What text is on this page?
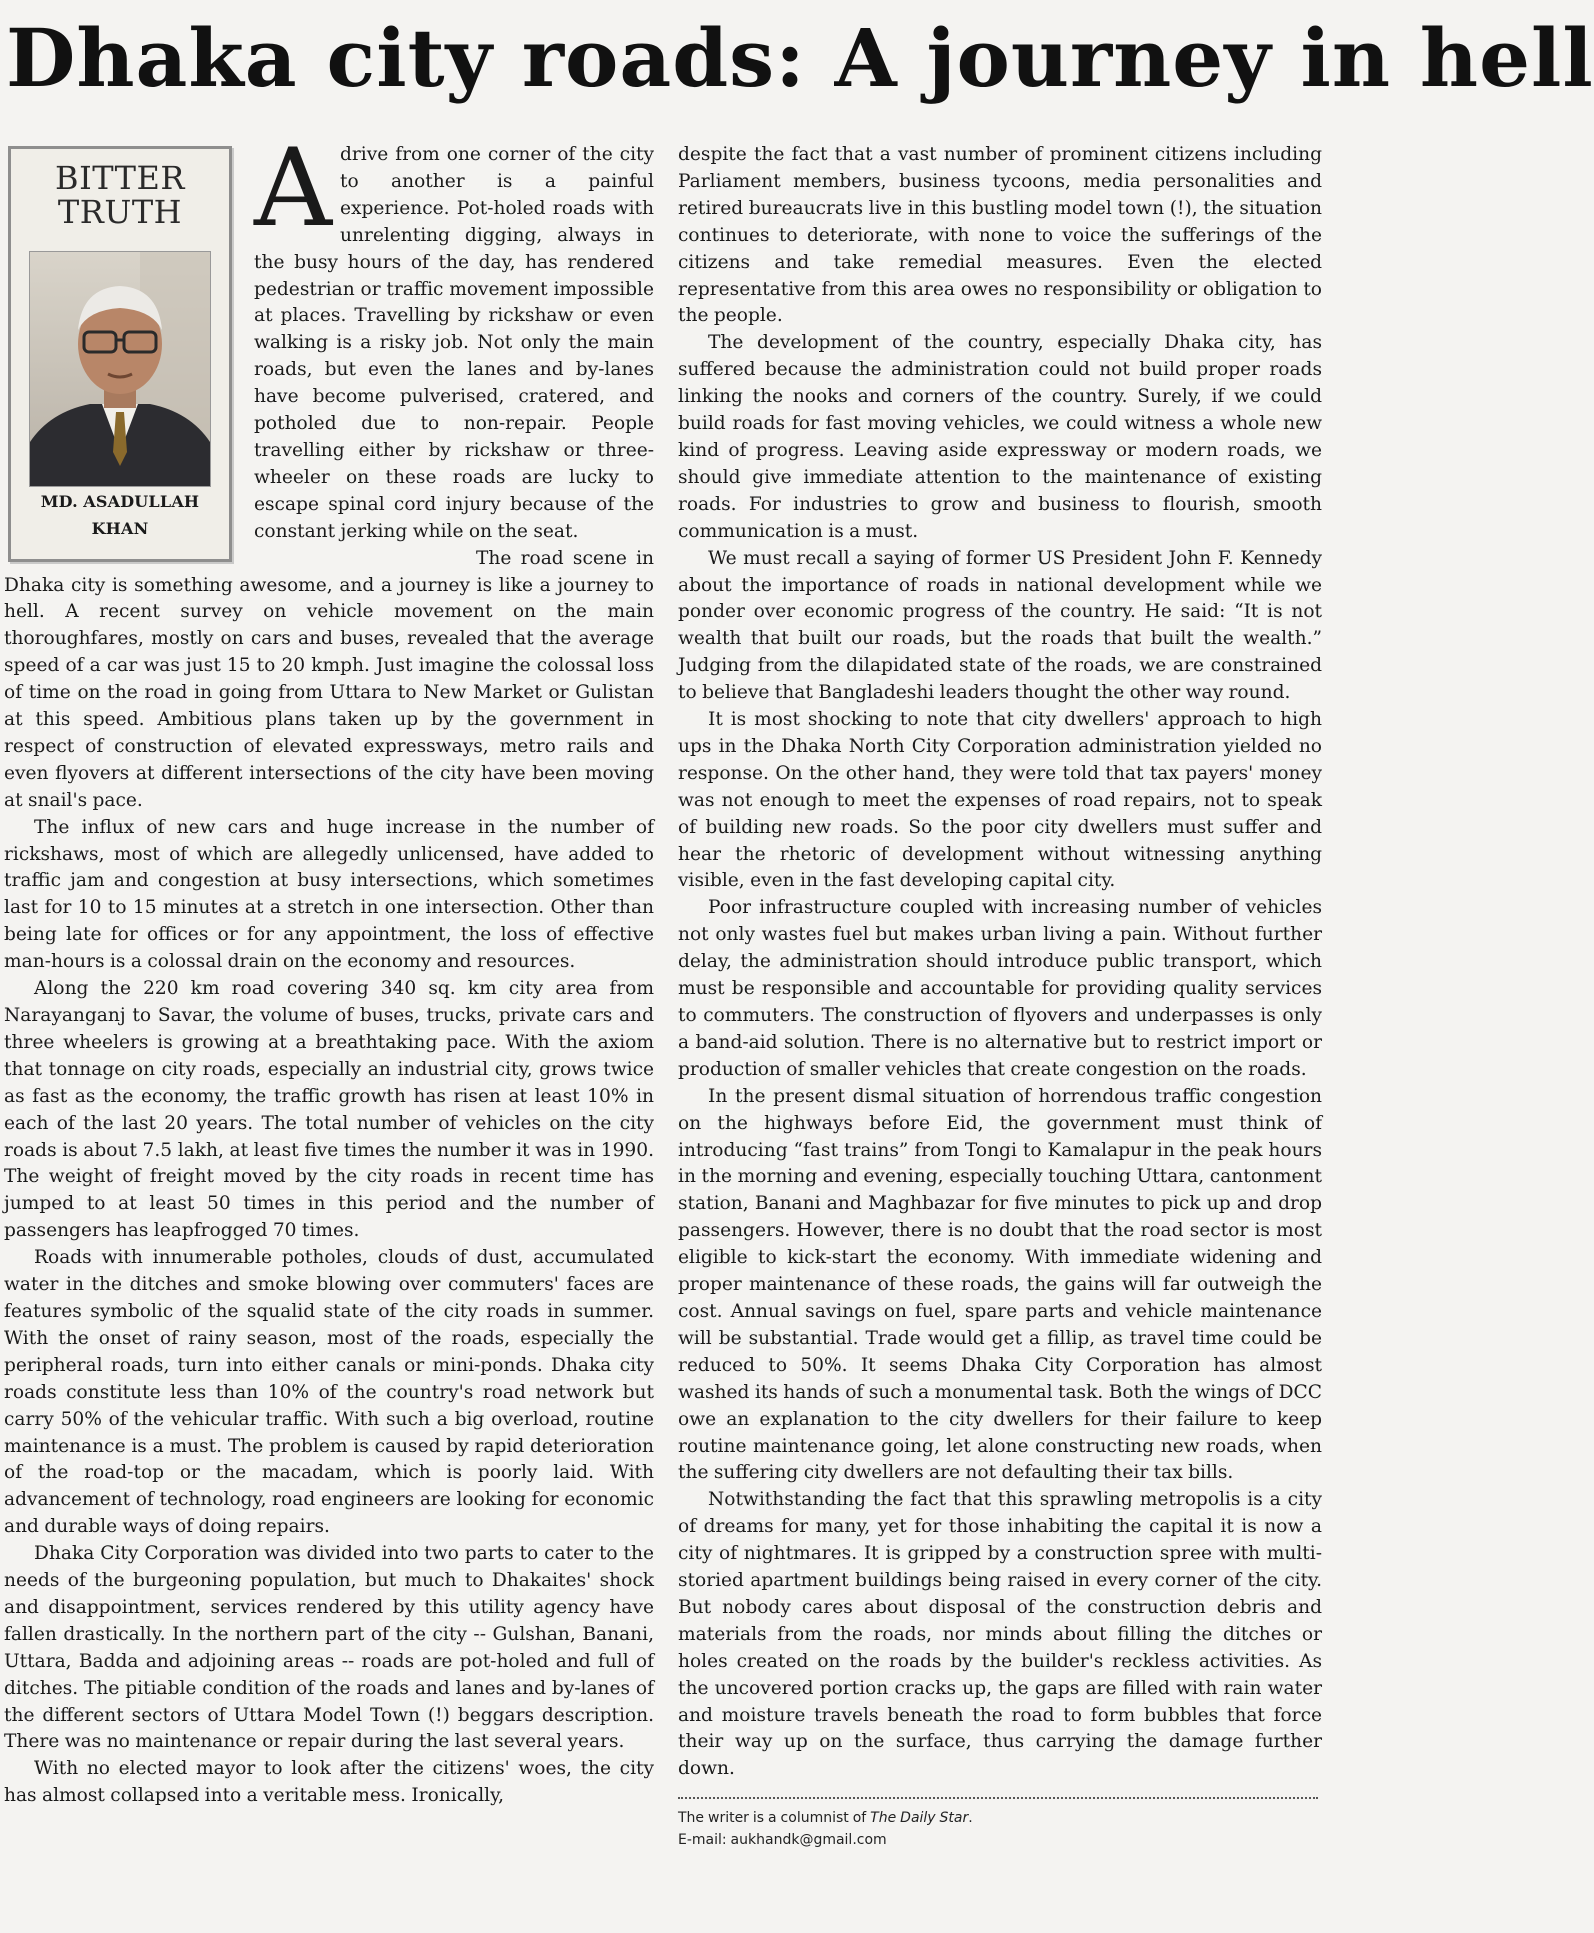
Dhaka city roads: A journey in hell
BITTER
TRUTH
MD. ASADULLAH KHAN

Adrive from one corner of the city to another is a painful experience. Pot-holed roads with unrelenting digging, always in the busy hours of the day, has rendered pedestrian or traffic movement impossible at places. Travelling by rickshaw or even walking is a risky job. Not only the main roads, but even the lanes and by-lanes have become pulverised, cratered, and potholed due to non-repair. People travelling either by rickshaw or three-wheeler on these roads are lucky to escape spinal cord injury because of the constant jerking while on the seat.

The road scene in Dhaka city is something awesome, and a journey is like a journey to hell. A recent survey on vehicle movement on the main thoroughfares, mostly on cars and buses, revealed that the average speed of a car was just 15 to 20 kmph. Just imagine the colossal loss of time on the road in going from Uttara to New Market or Gulistan at this speed. Ambitious plans taken up by the government in respect of construction of elevated expressways, metro rails and even flyovers at different intersections of the city have been moving at snail's pace.

The influx of new cars and huge increase in the number of rickshaws, most of which are allegedly unlicensed, have added to traffic jam and congestion at busy intersections, which sometimes last for 10 to 15 minutes at a stretch in one intersection. Other than being late for offices or for any appointment, the loss of effective man-hours is a colossal drain on the economy and resources.

Along the 220 km road covering 340 sq. km city area from Narayanganj to Savar, the volume of buses, trucks, private cars and three wheelers is growing at a breathtaking pace. With the axiom that tonnage on city roads, especially an industrial city, grows twice as fast as the economy, the traffic growth has risen at least 10% in each of the last 20 years. The total number of vehicles on the city roads is about 7.5 lakh, at least five times the number it was in 1990. The weight of freight moved by the city roads in recent time has jumped to at least 50 times in this period and the number of passengers has leapfrogged 70 times.

Roads with innumerable potholes, clouds of dust, accumulated water in the ditches and smoke blowing over commuters' faces are features symbolic of the squalid state of the city roads in summer. With the onset of rainy season, most of the roads, especially the peripheral roads, turn into either canals or mini-ponds. Dhaka city roads constitute less than 10% of the country's road network but carry 50% of the vehicular traffic. With such a big overload, routine maintenance is a must. The problem is caused by rapid deterioration of the road-top or the macadam, which is poorly laid. With advancement of technology, road engineers are looking for economic and durable ways of doing repairs.

Dhaka City Corporation was divided into two parts to cater to the needs of the burgeoning population, but much to Dhakaites' shock and disappointment, services rendered by this utility agency have fallen drastically. In the northern part of the city -- Gulshan, Banani, Uttara, Badda and adjoining areas -- roads are pot-holed and full of ditches. The pitiable condition of the roads and lanes and by-lanes of the different sectors of Uttara Model Town (!) beggars description. There was no maintenance or repair during the last several years.

With no elected mayor to look after the citizens' woes, the city has almost collapsed into a veritable mess. Ironically,

despite the fact that a vast number of prominent citizens including Parliament members, business tycoons, media personalities and retired bureaucrats live in this bustling model town (!), the situation continues to deteriorate, with none to voice the sufferings of the citizens and take remedial measures. Even the elected representative from this area owes no responsibility or obligation to the people.

The development of the country, especially Dhaka city, has suffered because the administration could not build proper roads linking the nooks and corners of the country. Surely, if we could build roads for fast moving vehicles, we could witness a whole new kind of progress. Leaving aside expressway or modern roads, we should give immediate attention to the maintenance of existing roads. For industries to grow and business to flourish, smooth communication is a must.

We must recall a saying of former US President John F. Kennedy about the importance of roads in national development while we ponder over economic progress of the country. He said: “It is not wealth that built our roads, but the roads that built the wealth.” Judging from the dilapidated state of the roads, we are constrained to believe that Bangladeshi leaders thought the other way round.

It is most shocking to note that city dwellers' approach to high ups in the Dhaka North City Corporation administration yielded no response. On the other hand, they were told that tax payers' money was not enough to meet the expenses of road repairs, not to speak of building new roads. So the poor city dwellers must suffer and hear the rhetoric of development without witnessing anything visible, even in the fast developing capital city.

Poor infrastructure coupled with increasing number of vehicles not only wastes fuel but makes urban living a pain. Without further delay, the administration should introduce public transport, which must be responsible and accountable for providing quality services to commuters. The construction of flyovers and underpasses is only a band-aid solution. There is no alternative but to restrict import or production of smaller vehicles that create congestion on the roads.

In the present dismal situation of horrendous traffic congestion on the highways before Eid, the government must think of introducing “fast trains” from Tongi to Kamalapur in the peak hours in the morning and evening, especially touching Uttara, cantonment station, Banani and Maghbazar for five minutes to pick up and drop passengers. However, there is no doubt that the road sector is most eligible to kick-start the economy. With immediate widening and proper maintenance of these roads, the gains will far outweigh the cost. Annual savings on fuel, spare parts and vehicle maintenance will be substantial. Trade would get a fillip, as travel time could be reduced to 50%. It seems Dhaka City Corporation has almost washed its hands of such a monumental task. Both the wings of DCC owe an explanation to the city dwellers for their failure to keep routine maintenance going, let alone constructing new roads, when the suffering city dwellers are not defaulting their tax bills.

Notwithstanding the fact that this sprawling metropolis is a city of dreams for many, yet for those inhabiting the capital it is now a city of nightmares. It is gripped by a construction spree with multi-storied apartment buildings being raised in every corner of the city. But nobody cares about disposal of the construction debris and materials from the roads, nor minds about filling the ditches or holes created on the roads by the builder's reckless activities. As the uncovered portion cracks up, the gaps are filled with rain water and moisture travels beneath the road to form bubbles that force their way up on the surface, thus carrying the damage further down.

The writer is a columnist of The Daily Star.
E-mail: aukhandk@gmail.com
